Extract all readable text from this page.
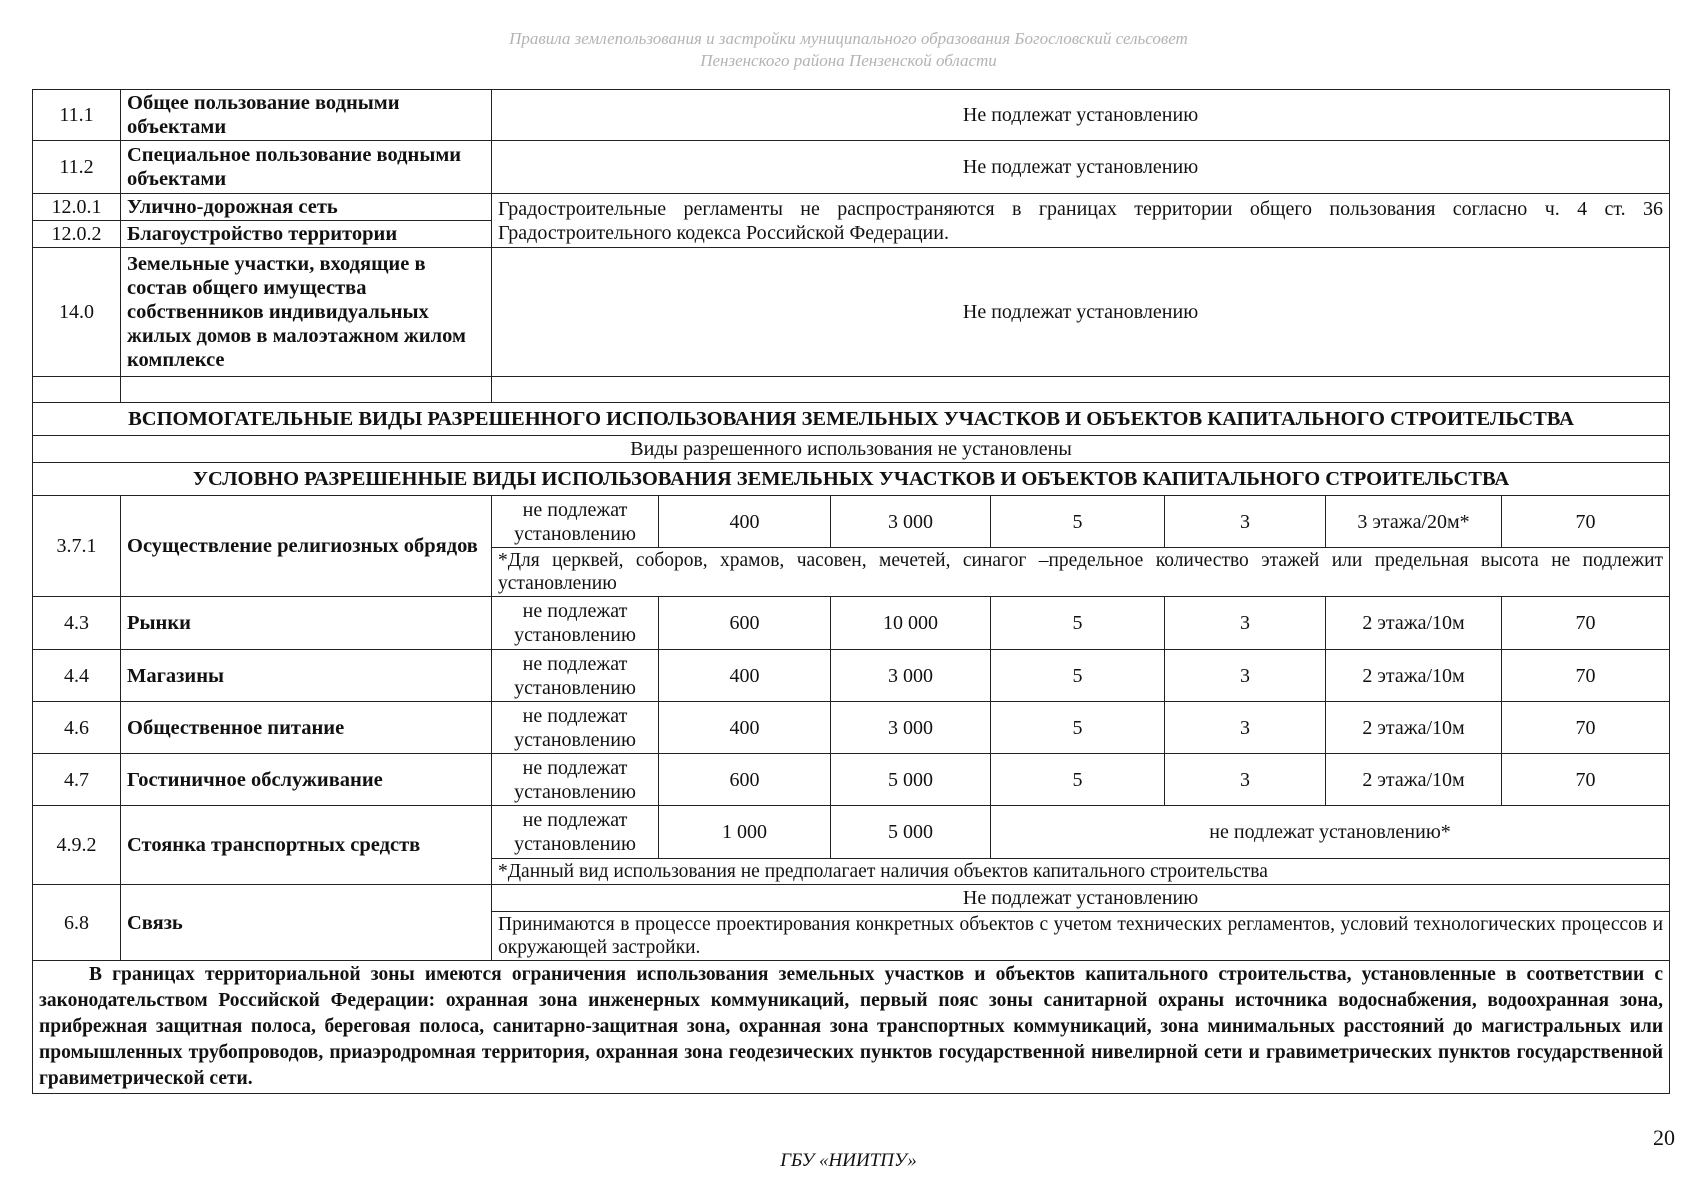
Правила землепользования и застройки муниципального образования Богословский сельсовет
Пензенского района Пензенской области
11.1	Общее пользование водными объектами	Не подлежат установлению						
11.2	Специальное пользование водными объектами	Не подлежат установлению						
12.0.1	Улично-дорожная сеть	Градостроительные регламенты не распространяются в границах территории общего пользования согласно ч. 4 ст. 36 Градостроительного кодекса Российской Федерации.						
12.0.2	Благоустройство территории							
14.0	Земельные участки, входящие в состав общего имущества собственников индивидуальных жилых домов в малоэтажном жилом комплексе	Не подлежат установлению						

ВСПОМОГАТЕЛЬНЫЕ ВИДЫ РАЗРЕШЕННОГО ИСПОЛЬЗОВАНИЯ ЗЕМЕЛЬНЫХ УЧАСТКОВ И ОБЪЕКТОВ КАПИТАЛЬНОГО СТРОИТЕЛЬСТВА								
Виды разрешенного использования не установлены								
УСЛОВНО РАЗРЕШЕННЫЕ ВИДЫ ИСПОЛЬЗОВАНИЯ ЗЕМЕЛЬНЫХ УЧАСТКОВ И ОБЪЕКТОВ КАПИТАЛЬНОГО СТРОИТЕЛЬСТВА								
3.7.1	Осуществление религиозных обрядов	не подлежат установлению	400	3 000	5	3	3 этажа/20м*	70
		*Для церквей, соборов, храмов, часовен, мечетей, синагог –предельное количество этажей или предельная высота не подлежит установлению						
4.3	Рынки	не подлежат установлению	600	10 000	5	3	2 этажа/10м	70
4.4	Магазины	не подлежат установлению	400	3 000	5	3	2 этажа/10м	70
4.6	Общественное питание	не подлежат установлению	400	3 000	5	3	2 этажа/10м	70
4.7	Гостиничное обслуживание	не подлежат установлению	600	5 000	5	3	2 этажа/10м	70
4.9.2	Стоянка транспортных средств	не подлежат установлению	1 000	5 000	не подлежат установлению*			
		*Данный вид использования не предполагает наличия объектов капитального строительства						
6.8	Связь	Не подлежат установлению						
		Принимаются в процессе проектирования конкретных объектов с учетом технических регламентов, условий технологических процессов и окружающей застройки.						
В границах территориальной зоны имеются ограничения использования земельных участков и объектов капитального строительства, установленные в соответствии с законодательством Российской Федерации: охранная зона инженерных коммуникаций, первый пояс зоны санитарной охраны источника водоснабжения, водоохранная зона, прибрежная защитная полоса, береговая полоса, санитарно-защитная зона, охранная зона транспортных коммуникаций, зона минимальных расстояний до магистральных или промышленных трубопроводов, приаэродромная территория, охранная зона геодезических пунктов государственной нивелирной сети и гравиметрических пунктов государственной гравиметрической сети.								
20
ГБУ «НИИТПУ»
